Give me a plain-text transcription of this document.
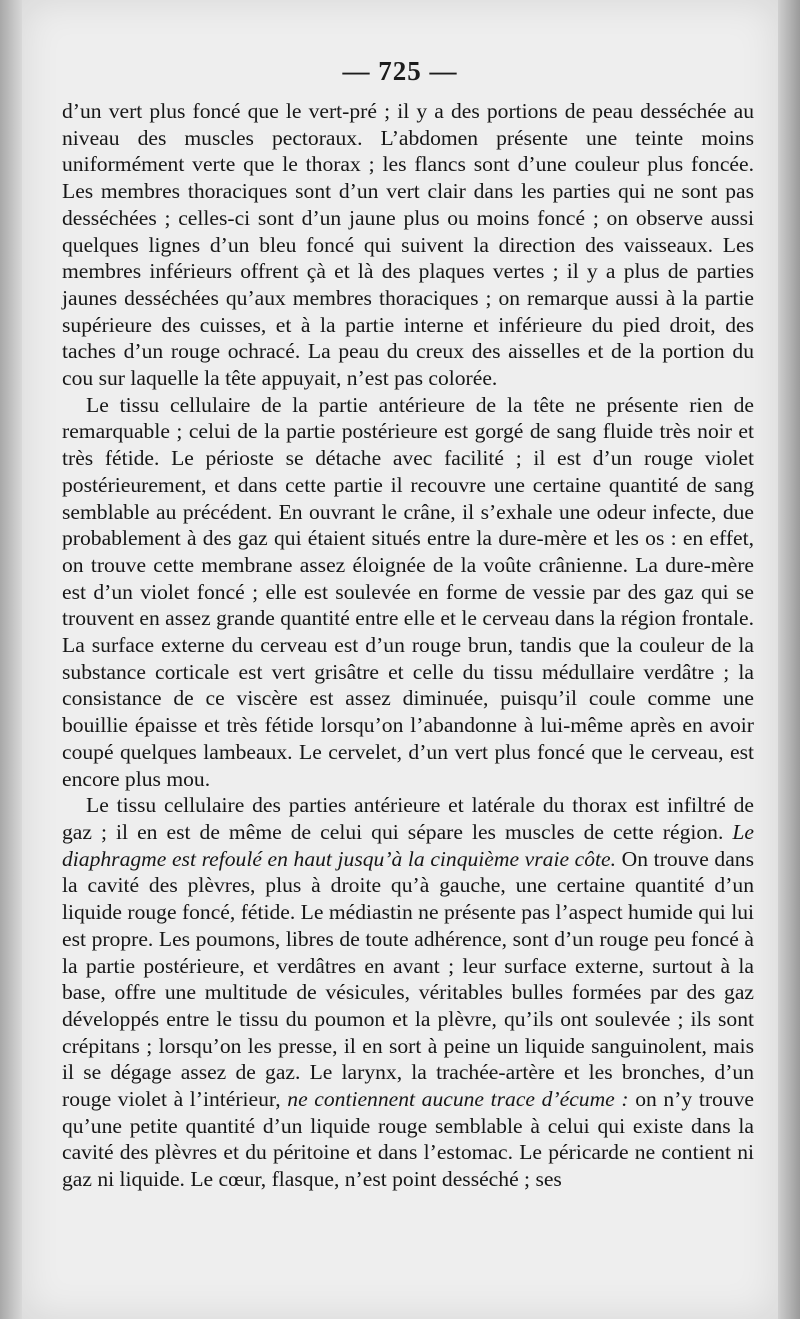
— 725 —

d’un vert plus foncé que le vert-pré ; il y a des portions de peau desséchée au niveau des muscles pectoraux. L’abdomen présente une teinte moins uniformément verte que le thorax ; les flancs sont d’une couleur plus foncée. Les membres thoraciques sont d’un vert clair dans les parties qui ne sont pas desséchées ; celles-ci sont d’un jaune plus ou moins foncé ; on observe aussi quelques lignes d’un bleu foncé qui suivent la direction des vaisseaux. Les membres inférieurs offrent çà et là des plaques vertes ; il y a plus de parties jaunes desséchées qu’aux membres thoraciques ; on remarque aussi à la partie supérieure des cuisses, et à la partie interne et inférieure du pied droit, des taches d’un rouge ochracé. La peau du creux des aisselles et de la portion du cou sur laquelle la tête appuyait, n’est pas colorée.

Le tissu cellulaire de la partie antérieure de la tête ne présente rien de remarquable ; celui de la partie postérieure est gorgé de sang fluide très noir et très fétide. Le périoste se détache avec facilité ; il est d’un rouge violet postérieurement, et dans cette partie il recouvre une certaine quantité de sang semblable au précédent. En ouvrant le crâne, il s’exhale une odeur infecte, due probablement à des gaz qui étaient situés entre la dure-mère et les os : en effet, on trouve cette membrane assez éloignée de la voûte crânienne. La dure-mère est d’un violet foncé ; elle est soulevée en forme de vessie par des gaz qui se trouvent en assez grande quantité entre elle et le cerveau dans la région frontale. La surface externe du cerveau est d’un rouge brun, tandis que la couleur de la substance corticale est vert grisâtre et celle du tissu médullaire verdâtre ; la consistance de ce viscère est assez diminuée, puisqu’il coule comme une bouillie épaisse et très fétide lorsqu’on l’abandonne à lui-même après en avoir coupé quelques lambeaux. Le cervelet, d’un vert plus foncé que le cerveau, est encore plus mou.

Le tissu cellulaire des parties antérieure et latérale du thorax est infiltré de gaz ; il en est de même de celui qui sépare les muscles de cette région. Le diaphragme est refoulé en haut jusqu’à la cinquième vraie côte. On trouve dans la cavité des plèvres, plus à droite qu’à gauche, une certaine quantité d’un liquide rouge foncé, fétide. Le médiastin ne présente pas l’aspect humide qui lui est propre. Les poumons, libres de toute adhérence, sont d’un rouge peu foncé à la partie postérieure, et verdâtres en avant ; leur surface externe, surtout à la base, offre une multitude de vésicules, véritables bulles formées par des gaz développés entre le tissu du poumon et la plèvre, qu’ils ont soulevée ; ils sont crépitans ; lorsqu’on les presse, il en sort à peine un liquide sanguinolent, mais il se dégage assez de gaz. Le larynx, la trachée-artère et les bronches, d’un rouge violet à l’intérieur, ne contiennent aucune trace d’écume : on n’y trouve qu’une petite quantité d’un liquide rouge semblable à celui qui existe dans la cavité des plèvres et du péritoine et dans l’estomac. Le péricarde ne contient ni gaz ni liquide. Le cœur, flasque, n’est point desséché ; ses
